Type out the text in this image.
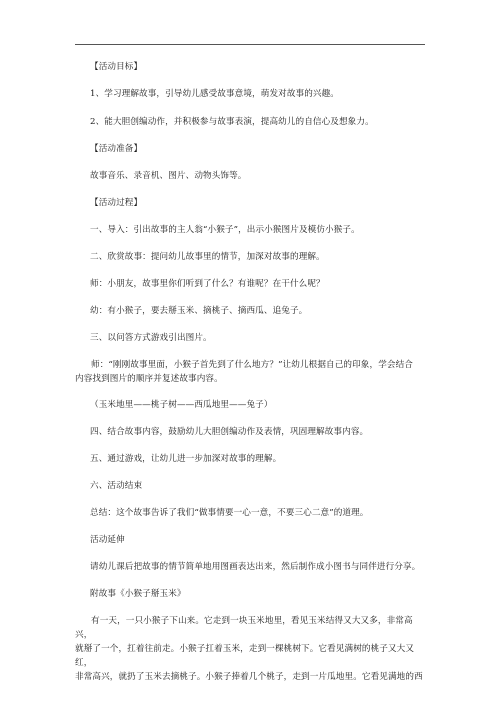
【活动目标】
1、学习理解故事，引导幼儿感受故事意境，萌发对故事的兴趣。
2、能大胆创编动作，并积极参与故事表演，提高幼儿的自信心及想象力。
【活动准备】
故事音乐、录音机、图片、动物头饰等。
【活动过程】
一、导入：引出故事的主人翁“小猴子”，出示小猴图片及模仿小猴子。
二、欣赏故事：提问幼儿故事里的情节，加深对故事的理解。
师：小朋友，故事里你们听到了什么？有谁呢？在干什么呢？
幼：有小猴子，要去掰玉米、摘桃子、摘西瓜、追兔子。
三、以问答方式游戏引出图片。
师：“刚刚故事里面，小猴子首先到了什么地方？”让幼儿根据自己的印象，学会结合
内容找到图片的顺序并复述故事内容。
（玉米地里——桃子树——西瓜地里——兔子）
四、结合故事内容，鼓励幼儿大胆创编动作及表情，巩固理解故事内容。
五、通过游戏，让幼儿进一步加深对故事的理解。
六、活动结束
总结：这个故事告诉了我们“做事情要一心一意，不要三心二意”的道理。
活动延伸
请幼儿课后把故事的情节简单地用图画表达出来，然后制作成小图书与同伴进行分享。
附故事《小猴子掰玉米》
有一天，一只小猴子下山来。它走到一块玉米地里，看见玉米结得又大又多，非常高兴，
就掰了一个，扛着往前走。小猴子扛着玉米，走到一棵桃树下。它看见满树的桃子又大又红，
非常高兴，就扔了玉米去摘桃子。小猴子捧着几个桃子，走到一片瓜地里。它看见满地的西
